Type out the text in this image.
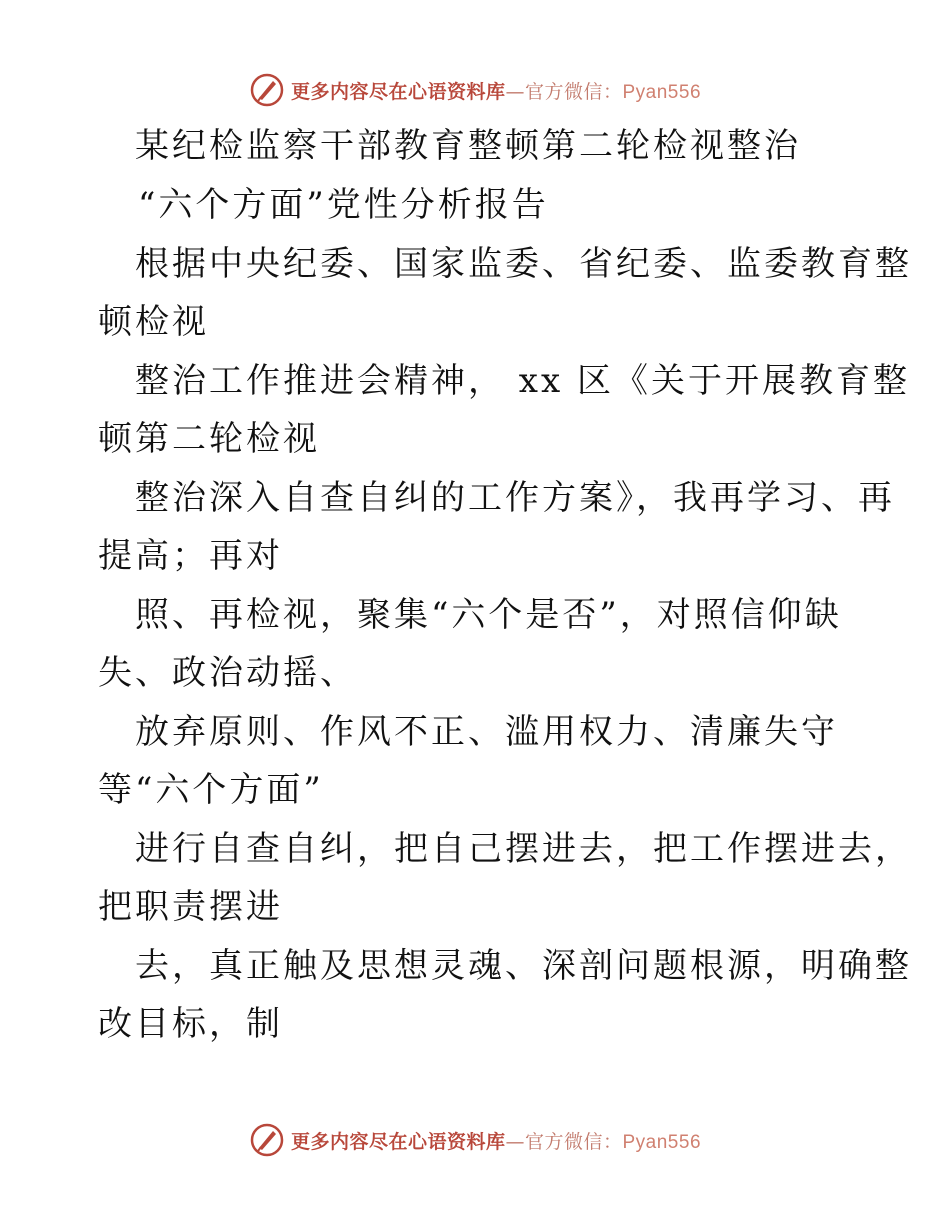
更多内容尽在心语资料库—官方微信：Pyan556
某纪检监察干部教育整顿第二轮检视整治
“六个方面”党性分析报告
根据中央纪委、国家监委、省纪委、监委教育整
顿检视
整治工作推进会精神， xx 区《关于开展教育整
顿第二轮检视
整治深入自查自纠的工作方案》，我再学习、再
提高；再对
照、再检视，聚集“六个是否”，对照信仰缺
失、政治动摇、
放弃原则、作风不正、滥用权力、清廉失守
等“六个方面”
进行自查自纠，把自己摆进去，把工作摆进去，
把职责摆进
去，真正触及思想灵魂、深剖问题根源，明确整
改目标，制
更多内容尽在心语资料库—官方微信：Pyan556
